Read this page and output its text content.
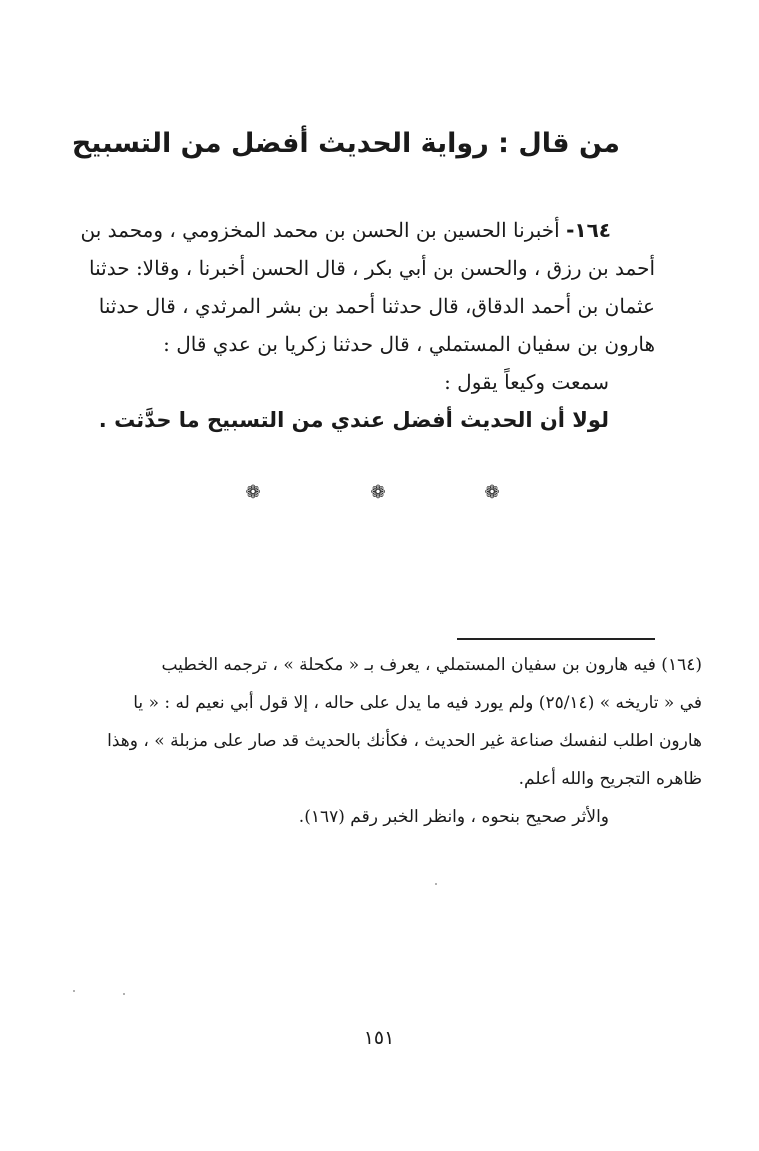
من قال : رواية الحديث أفضل من التسبيح
١٦٤- أخبرنا الحسين بن الحسن بن محمد المخزومي ، ومحمد بن
أحمد بن رزق ، والحسن بن أبي بكر ، قال الحسن أخبرنا ، وقالا: حدثنا
عثمان بن أحمد الدقاق، قال حدثنا أحمد بن بشر المرثدي ، قال حدثنا
هارون بن سفيان المستملي ، قال حدثنا زكريا بن عدي قال :
سمعت وكيعاً يقول :
لولا أن الحديث أفضل عندي من التسبيح ما حدَّثت .
❁	❁	❁
(١٦٤) فيه هارون بن سفيان المستملي ، يعرف بـ « مكحلة » ، ترجمه الخطيب
في « تاريخه » (٢٥/١٤) ولم يورد فيه ما يدل على حاله ، إلا قول أبي نعيم له : « يا
هارون اطلب لنفسك صناعة غير الحديث ، فكأنك بالحديث قد صار على مزبلة » ، وهذا
ظاهره التجريح والله أعلم.
والأثر صحيح بنحوه ، وانظر الخبر رقم (١٦٧).
١٥١
